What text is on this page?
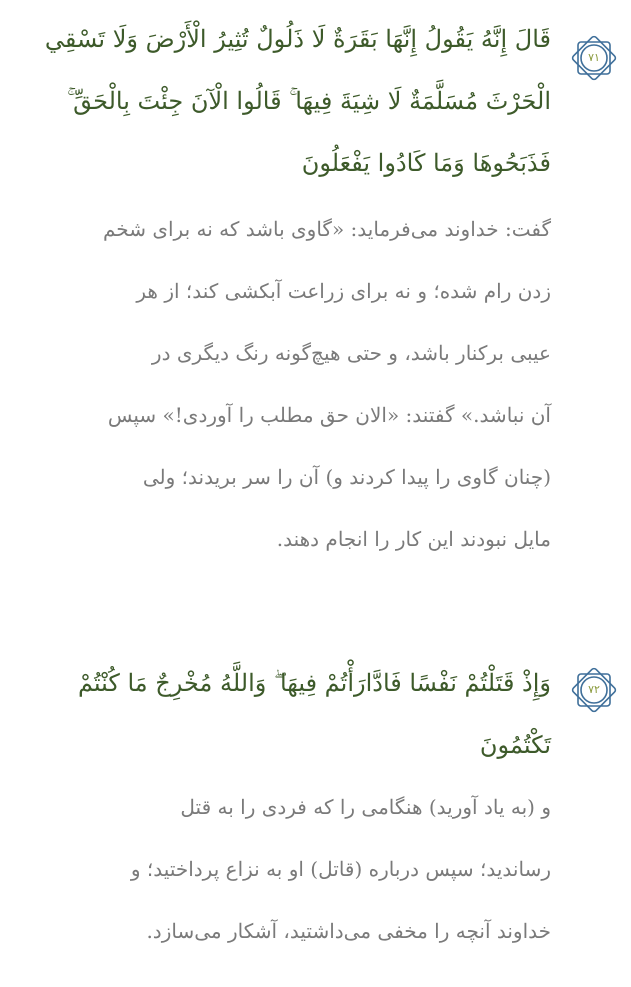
۷۱
قَالَ إِنَّهُ يَقُولُ إِنَّهَا بَقَرَةٌ لَا ذَلُولٌ تُثِيرُ الْأَرْضَ وَلَا تَسْقِي
الْحَرْثَ مُسَلَّمَةٌ لَا شِيَةَ فِيهَا ۚ قَالُوا الْآنَ جِئْتَ بِالْحَقِّ ۚ
فَذَبَحُوهَا وَمَا كَادُوا يَفْعَلُونَ
گفت: خداوند می‌فرماید: «گاوی باشد که نه برای شخم
زدن رام شده؛ و نه برای زراعت آبکشی کند؛ از هر
عیبی برکنار باشد، و حتی هیچ‌گونه رنگ دیگری در
آن نباشد.» گفتند: «الان حق مطلب را آوردی!» سپس
(چنان گاوی را پیدا کردند و) آن را سر بریدند؛ ولی
مایل نبودند این کار را انجام دهند.
۷۲
وَإِذْ قَتَلْتُمْ نَفْسًا فَادَّارَأْتُمْ فِيهَا ۖ وَاللَّهُ مُخْرِجٌ مَا كُنْتُمْ
تَكْتُمُونَ
و (به یاد آورید) هنگامی را که فردی را به قتل
رساندید؛ سپس درباره (قاتل) او به نزاع پرداختید؛ و
خداوند آنچه را مخفی می‌داشتید، آشکار می‌سازد.
